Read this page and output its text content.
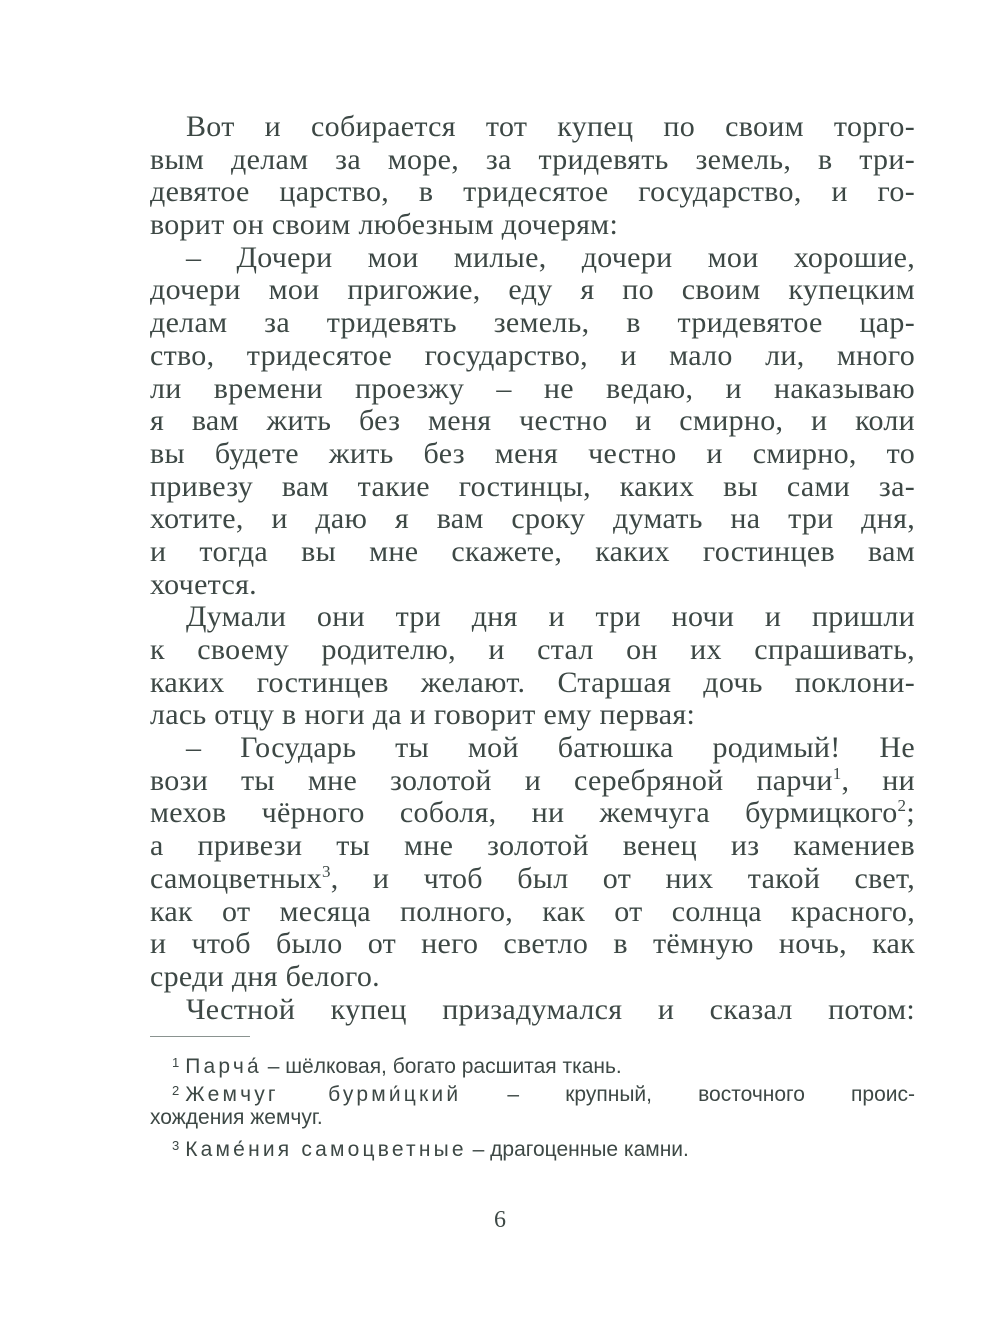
Вот и собирается тот купец по своим торго-
вым делам за море, за тридевять земель, в три-
девятое царство, в тридесятое государство, и го-
ворит он своим любезным дочерям:
– Дочери мои милые, дочери мои хорошие,
дочери мои пригожие, еду я по своим купецким
делам за тридевять земель, в тридевятое цар-
ство, тридесятое государство, и мало ли, много
ли времени проезжу – не ведаю, и наказываю
я вам жить без меня честно и смирно, и коли
вы будете жить без меня честно и смирно, то
привезу вам такие гостинцы, каких вы сами за-
хотите, и даю я вам сроку думать на три дня,
и тогда вы мне скажете, каких гостинцев вам
хочется.
Думали они три дня и три ночи и пришли
к своему родителю, и стал он их спрашивать,
каких гостинцев желают. Старшая дочь поклони-
лась отцу в ноги да и говорит ему первая:
– Государь ты мой батюшка родимый! Не
вози ты мне золотой и серебряной парчи$^1$, ни
мехов чёрного соболя, ни жемчуга бурмицкого$^2$;
а привези ты мне золотой венец из камениев
самоцветных$^3$, и чтоб был от них такой свет,
как от месяца полного, как от солнца красного,
и чтоб было от него светло в тёмную ночь, как
среди дня белого.
Честной купец призадумался и сказал потом:
$^1$ Парча́ – шёлковая, богато расшитая ткань.
$^2$ Жемчуг бурми́цкий – крупный, восточного проис-
хождения жемчуг.
$^3$ Каме́ния самоцветные – драгоценные камни.
6
